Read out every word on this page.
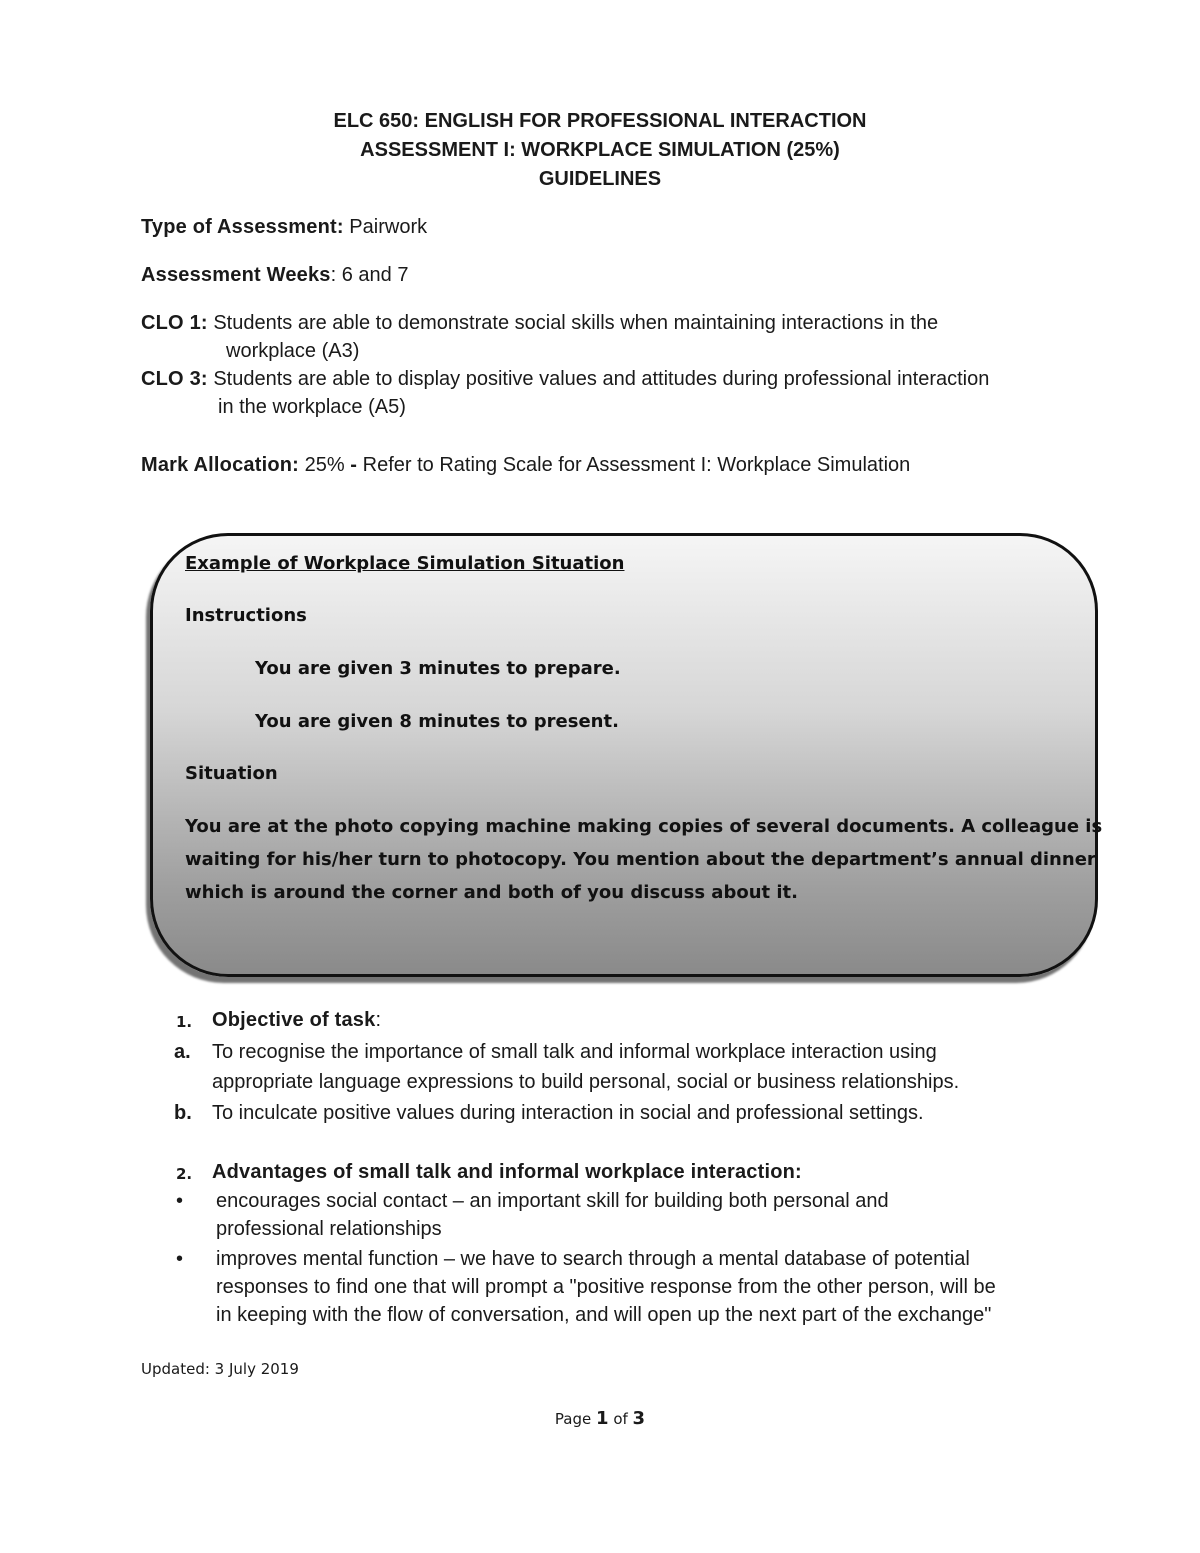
ELC 650: ENGLISH FOR PROFESSIONAL INTERACTION
ASSESSMENT I: WORKPLACE SIMULATION (25%)
GUIDELINES
Type of Assessment: Pairwork
Assessment Weeks: 6 and 7
CLO 1: Students are able to demonstrate social skills when maintaining interactions in the
workplace (A3)
CLO 3: Students are able to display positive values and attitudes during professional interaction
in the workplace (A5)
Mark Allocation: 25% - Refer to Rating Scale for Assessment I: Workplace Simulation
Example of Workplace Simulation Situation
Instructions
You are given 3 minutes to prepare.
You are given 8 minutes to present.
Situation
You are at the photo copying machine making copies of several documents. A colleague is
waiting for his/her turn to photocopy. You mention about the department’s annual dinner
which is around the corner and both of you discuss about it.
1. Objective of task:
a. To recognise the importance of small talk and informal workplace interaction using
appropriate language expressions to build personal, social or business relationships.
b. To inculcate positive values during interaction in social and professional settings.
2. Advantages of small talk and informal workplace interaction:
• encourages social contact – an important skill for building both personal and
professional relationships
• improves mental function – we have to search through a mental database of potential
responses to find one that will prompt a "positive response from the other person, will be
in keeping with the flow of conversation, and will open up the next part of the exchange"
Updated: 3 July 2019
Page 1 of 3
